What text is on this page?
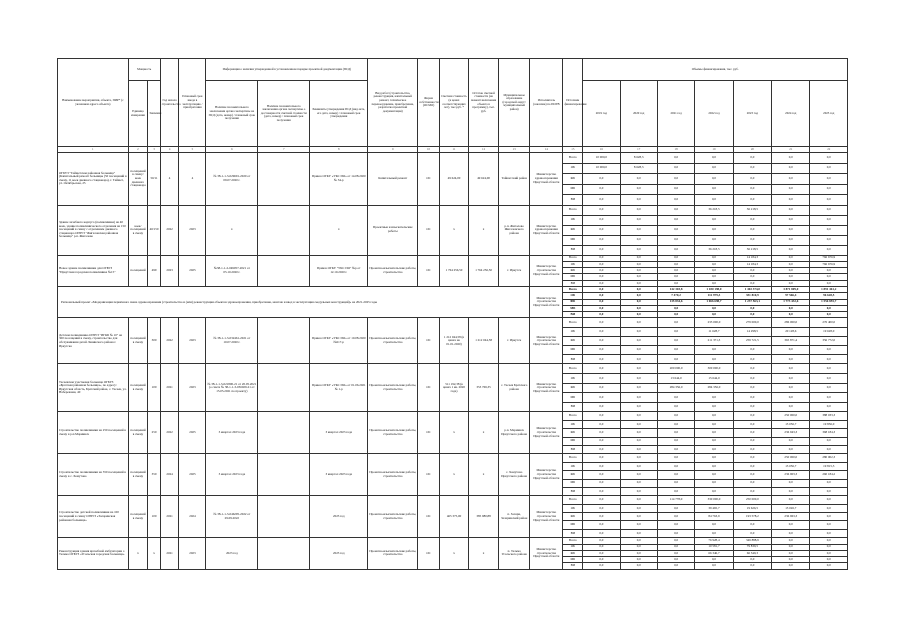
Наименование мероприятия, объекта, ПИР* (с указанием адреса объекта)	Мощность		Год начала строительства	Плановый срок ввода в эксплуатацию / приобретения	Информация о наличии утвержденной в установленном порядке проектной документации (ПСД)			Вид работ (строительство, реконструкция, капитальный ремонт, техническое перевооружение, приобретение, разработка проектной документации)	Форма собственности (ОСМО)	Сметная стоимость (в ценах соответствующих лет), тыс.руб. *	Остаток сметной стоимости (на момент включения объекта в программу), тыс. руб.	Муниципальное образование (городской округ/муниципальный район)	Исполнитель (заказчик) по ИОГВ	Источник финансирования	Объемы финансирования, тыс. руб.						
	Единица измерения	Значение			Наличие положительного заключения органа экспертизы на ПСД (дата, номер) / плановый срок получения	Наличие положительного заключения органа экспертизы о достоверности сметной стоимости (дата, номер) / плановый срок получения	Реквизиты утверждения ПСД (вид акта, его дата, номер) / плановый срок утверждения								2019 год	2020 год	2021 год	2022 год	2023 год	2024 год	2025 год
1	2	3	4	5	6	7	8	9	10	11	12	13	14	15	16	17	18	19	20	21	22
ОГБУЗ "Тайшетская районная больница" (Капитальный ремонт больницы (50 посещений в смену, 11 коек дневного стационара), г. Тайшет, ул. Октябрьская, 25	посещений в смену/коек дневного стационара	50/11	4	4	№ 38-1-1-3-029691-2020 от 09.07.2020 г.		Приказ ОГКУ «УКС ИО» от 14.08.2020 № 34-р	Капитальный ремонт	ОС	49 624,00	49 624,00	Тайшетский район	Министерство здравоохранения Иркутской области	Всего	10 000,0	8 628,3	0,0	0,0	0,0	0,0	0,0
														ОБ	10 000,0	8 628,3	0,0	0,0	0,0	0,0	0,0
														ФБ	0,0	0,0	0,0	0,0	0,0	0,0	0,0
														МБ	0,0	0,0	0,0	0,0	0,0	0,0	0,0
														ВИ	0,0	0,0	0,0	0,0	0,0	0,0	0,0
Здание лечебного корпуса (поликлиника) на 40 коек, здание поликлинического отделения на 150 посещений в смену с отделением дневного стационара ОГБУЗ "Жигаловская районная больница" р.п. Жигалово	коек/посещений в смену	40/150	2022	2023	х		х	Проектные и изыскательские работы	ОС	х	х	р.п. Жигалово Жигаловского района	Министерство здравоохранения Иркутской области	Всего	0,0	0,0	0,0	36 218,5	36 218,5	0,0	0,0
														ОБ	0,0	0,0	0,0	0,0	0,0	0,0	0,0
														ФБ	0,0	0,0	0,0	0,0	0,0	0,0	0,0
														МБ	0,0	0,0	0,0	0,0	0,0	0,0	0,0
														ВИ	0,0	0,0	0,0	36 218,5	36 218,5	0,0	0,0
Новое здание поликлиники для ОГБУЗ "Иркутская городская поликлиника №15"	посещений	499	2023	2025	№38-1-1-2-049057-2021 от 05.10.2020 г.		Приказ ОГКУ "УКС ИО" №р от 12.10.2020 г.	Проектно-изыскательские работы, строительство	ОС	1 764 256,50	1 764 256,50	г. Иркутск	Министерство строительства Иркутской области	Всего	0,0	0,0	0,0	0,0	14 184,3	0,0	766 676,9
														ОБ	0,0	0,0	0,0	0,0	14 184,3	0,0	766 676,9
														ФБ	0,0	0,0	0,0	0,0	0,0	0,0	0,0
														МБ	0,0	0,0	0,0	0,0	0,0	0,0	0,0
														ВИ	0,0	0,0	0,0	0,0	0,0	0,0	0,0
Региональный проект «Модернизация первичного звена здравоохранения (строительство и (или) реконструкция объектов здравоохранения, приобретение, монтаж и ввод в эксплуатацию модульных конструкций)» на 2021-2025 годы													Министерство строительства Иркутской области	Всего	0,0	0,0	142 303,8	1 180 198,0	1 402 374,0	3 871 809,0	1 891 461,2
														ОБ	0,0	0,0	7 470,2	112 979,3	351 810,9	97 566,4	96 628,5
														ФБ	0,0	0,0	135 834,6	1 066 698,7	1 237 563,1	1 773 432,6	1 556 855,7
														МБ	0,0	0,0	0,0	0,0	0,0	0,0	0,0
														ВИ	0,0	0,0	0,0	0,0	0,0	0,0	0,0
Детская поликлиника ОГБУЗ "ИГКБ № 10" на 300 посещений в смену, строительство для обслуживания детей Ленинского района г. Иркутска	посещений в смену	300	2022	2023	№ 38-1-1-3-032461-2021 от 10.07.2020 г.		Приказ ОГКУ «УКС ИО» от 10.08.2020 №617-р	Проектно-изыскательские работы, строительство	ОС	1 212 044,58 (в ценах на 01.01.2020)	1 212 044,58	г. Иркутск	Министерство строительства Иркутской области	Всего	0,0	0,0	0,0	233 000,0	279 000,0	286 000,0	276 400,0
														ОБ	0,0	0,0	0,0	11 628,7	14 298,5	20 128,6	19 628,0
														ФБ	0,0	0,0	0,0	211 371,3	259 721,5	365 871,4	356 772,0
														МБ	0,0	0,0	0,0	0,0	0,0	0,0	0,0
														ВИ	0,0	0,0	0,0	0,0	0,0	0,0	0,0
Тасеевская участковая больница ОГБУЗ «Братская районная больница», по адресу: Иркутская область, Братский район, с. Тасеев, ул. Набережная, 40	посещений в смену	100	2021	2023	№ 38-1-1-3-021800-21 от 20.05.2021 (о смете № 38-1-1-3-036029-21 от 15.05.2021 по проекту)		Приказ ОГКУ «УКС ИО» от 01.06.2021 № 1-р	Проектно-изыскательские работы, строительство	ОС	511 192,38 (в ценах 1 кв. 2020 года)	353 769,35	с. Тасеев Братского района	Министерство строительства Иркутской области	Всего	0,0	0,0	200 000,0	300 000,0	0,0	0,0	0,0
														ОБ	0,0	0,0	13 644,0	15 644,0	0,0	0,0	0,0
														ФБ	0,0	0,0	284 356,0	284 356,0	0,0	0,0	0,0
														МБ	0,0	0,0	0,0	0,0	0,0	0,0	0,0
														ВИ	0,0	0,0	0,0	0,0	0,0	0,0	0,0
Строительство поликлиники на 250 посещений в смену в р.п.Мариинск	посещений в смену	250	2022	2025	3 квартал 2023 года		3 квартал 2023 года	Проектно-изыскательские работы, строительство	ОС	х	х	р.п. Мариинск Иркутского района	Министерство строительства Иркутской области	Всего	0,0	0,0	0,0	0,0	0,0	250 000,0	388 033,3
														ОБ	0,0	0,0	0,0	0,0	0,0	13 056,7	19 836,0
														ФБ	0,0	0,0	0,0	0,0	0,0	236 943,3	368 184,3
														МБ	0,0	0,0	0,0	0,0	0,0	0,0	0,0
														ВИ	0,0	0,0	0,0	0,0	0,0	0,0	0,0
Строительство поликлиники на 350 посещений в смену в с. Хомутово	посещений в смену	350	2024	2025	3 квартал 2023 года		3 квартал 2023 года	Проектно-изыскательские работы, строительство	ОС	х	х	с. Хомутово Иркутского района	Министерство строительства Иркутской области	Всего	0,0	0,0	0,0	0,0	0,0	250 000,0	280 002,3
														ОБ	0,0	0,0	0,0	0,0	0,0	13 056,7	19 815,3
														ФБ	0,0	0,0	0,0	0,0	0,0	236 903,3	260 184,2
														МБ	0,0	0,0	0,0	0,0	0,0	0,0	0,0
														ВИ	0,0	0,0	0,0	0,0	0,0	0,0	0,0
Строительство детской поликлиники на 100 посещений в смену ОГБУЗ «Заларинская районная больница»	посещений в смену	100	2021	2024	№ 38-1-1-3-046295-2022 от 29.09.2022		2023 год	Проектно-изыскательские работы, строительство	ОС	465 375,00	385 980,88	п. Залари, Заларинский район	Министерство строительства Иркутской области	Всего	0,0	0,0	114 778,0	330 000,0	250 000,0	0,0	0,0
														ОБ	0,0	0,0	0,0	39 465,7	19 626,5	13 026,7	0,0
														ФБ	0,0	0,0	0,0	84 763,9	193 578,2	236 963,3	0,0
														МБ	0,0	0,0	0,0	0,0	0,0	0,0	0,0
														ВИ	0,0	0,0	0,0	0,0	0,0	0,0	0,0
Реконструкция здания врачебной амбулатории с. Тельма ОГБУЗ «Усольская городская больница»	х	х	2021	2023	2023 год		2023 год	Проектно-изыскательские работы, строительство	ОС	х	х	п. Тельма Усольского района	Министерство строительства Иркутской области	Всего	0,0	0,0	0,0	76 928,4	349 888,9	0,0	0,0
														ОБ	0,0	0,0	0,0	10 581,7	79 839,5	0,0	0,0
														ФБ	0,0	0,0	0,0	66 346,7	66 349,3	0,0	0,0
														МБ	0,0	0,0	0,0	0,0	0,0	0,0	0,0
														ВИ	0,0	0,0	0,0	0,0	0,0	0,0	0,0
